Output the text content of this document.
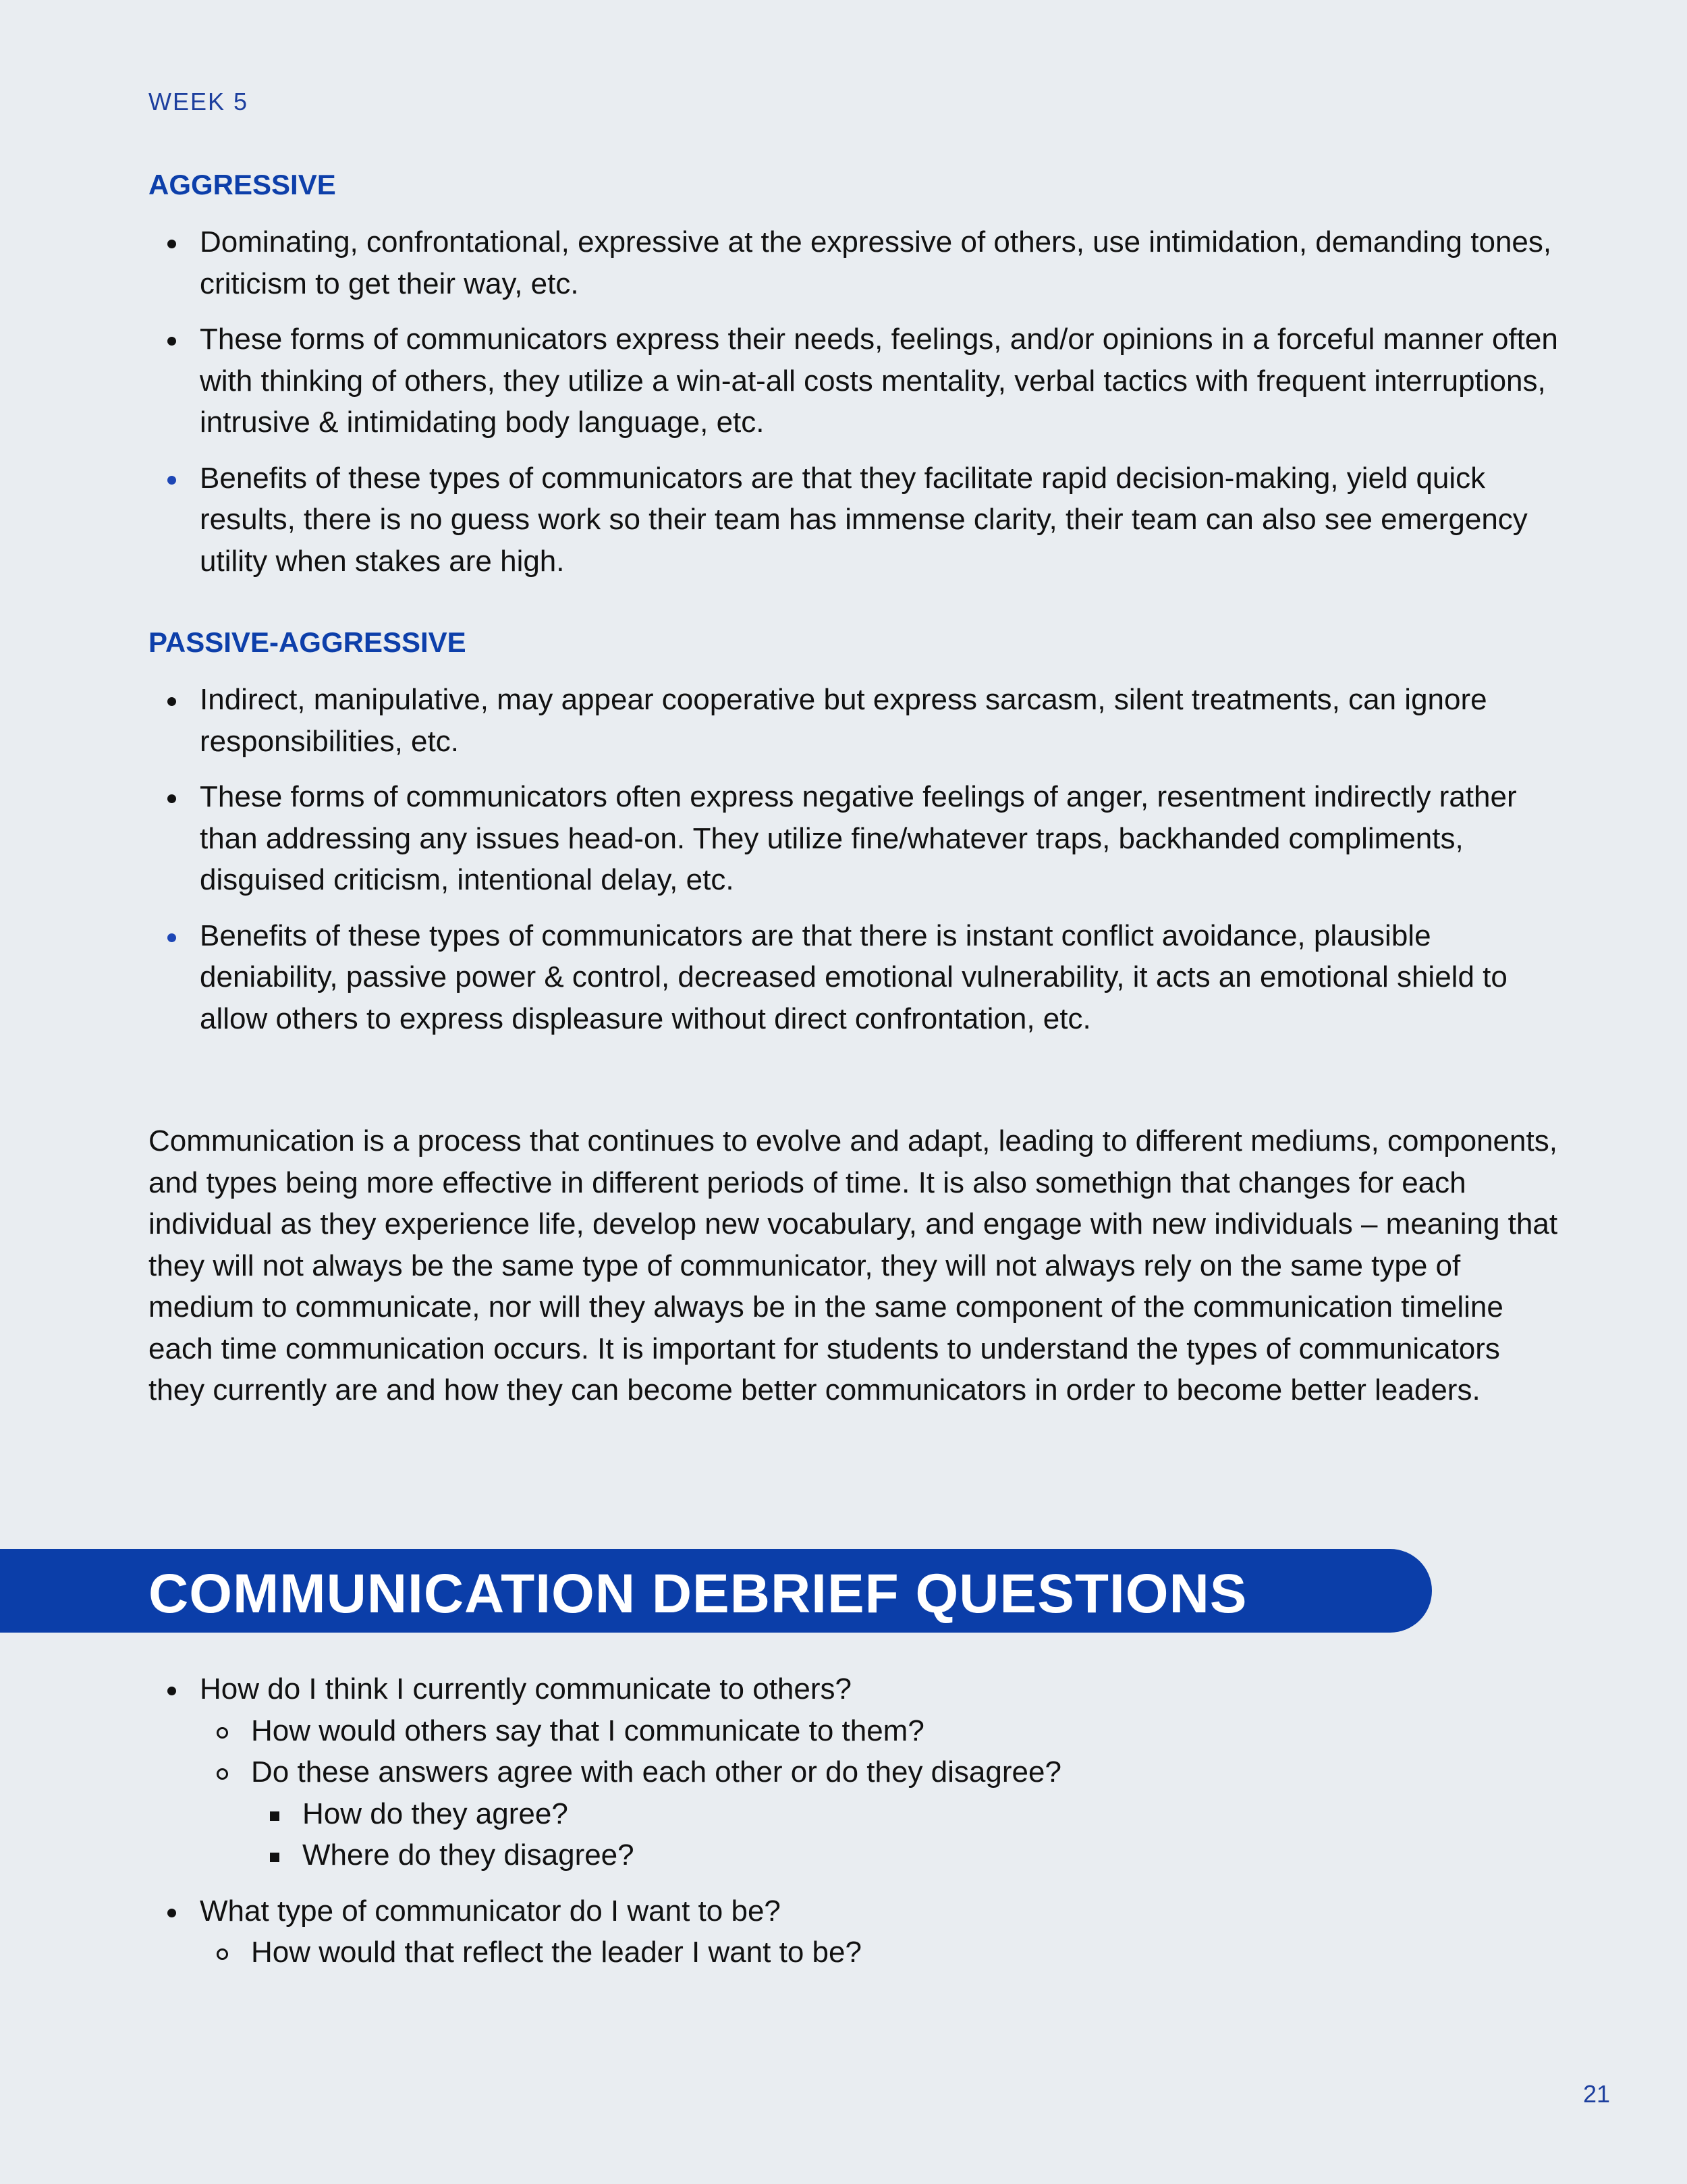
WEEK 5
AGGRESSIVE
Dominating, confrontational, expressive at the expressive of others, use intimidation, demanding tones, criticism to get their way, etc.
These forms of communicators express their needs, feelings, and/or opinions in a forceful manner often with thinking of others, they utilize a win-at-all costs mentality, verbal tactics with frequent interruptions, intrusive & intimidating body language, etc.
Benefits of these types of communicators are that they facilitate rapid decision-making, yield quick results, there is no guess work so their team has immense clarity, their team can also see emergency utility when stakes are high.
PASSIVE-AGGRESSIVE
Indirect, manipulative, may appear cooperative but express sarcasm, silent treatments, can ignore responsibilities, etc.
These forms of communicators often express negative feelings of anger, resentment indirectly rather than addressing any issues head-on. They utilize fine/whatever traps, backhanded compliments, disguised criticism, intentional delay, etc.
Benefits of these types of communicators are that there is instant conflict avoidance, plausible deniability, passive power & control, decreased emotional vulnerability, it acts an emotional shield to allow others to express displeasure without direct confrontation, etc.

Communication is a process that continues to evolve and adapt, leading to different mediums, components, and types being more effective in different periods of time. It is also somethign that changes for each individual as they experience life, develop new vocabulary, and engage with new individuals – meaning that they will not always be the same type of communicator, they will not always rely on the same type of medium to communicate, nor will they always be in the same component of the communication timeline each time communication occurs. It is important for students to understand the types of communicators they currently are and how they can become better communicators in order to become better leaders.

COMMUNICATION DEBRIEF QUESTIONS
How do I think I currently communicate to others?
How would others say that I communicate to them?
Do these answers agree with each other or do they disagree?
How do they agree?
Where do they disagree?
What type of communicator do I want to be?
How would that reflect the leader I want to be?
21
